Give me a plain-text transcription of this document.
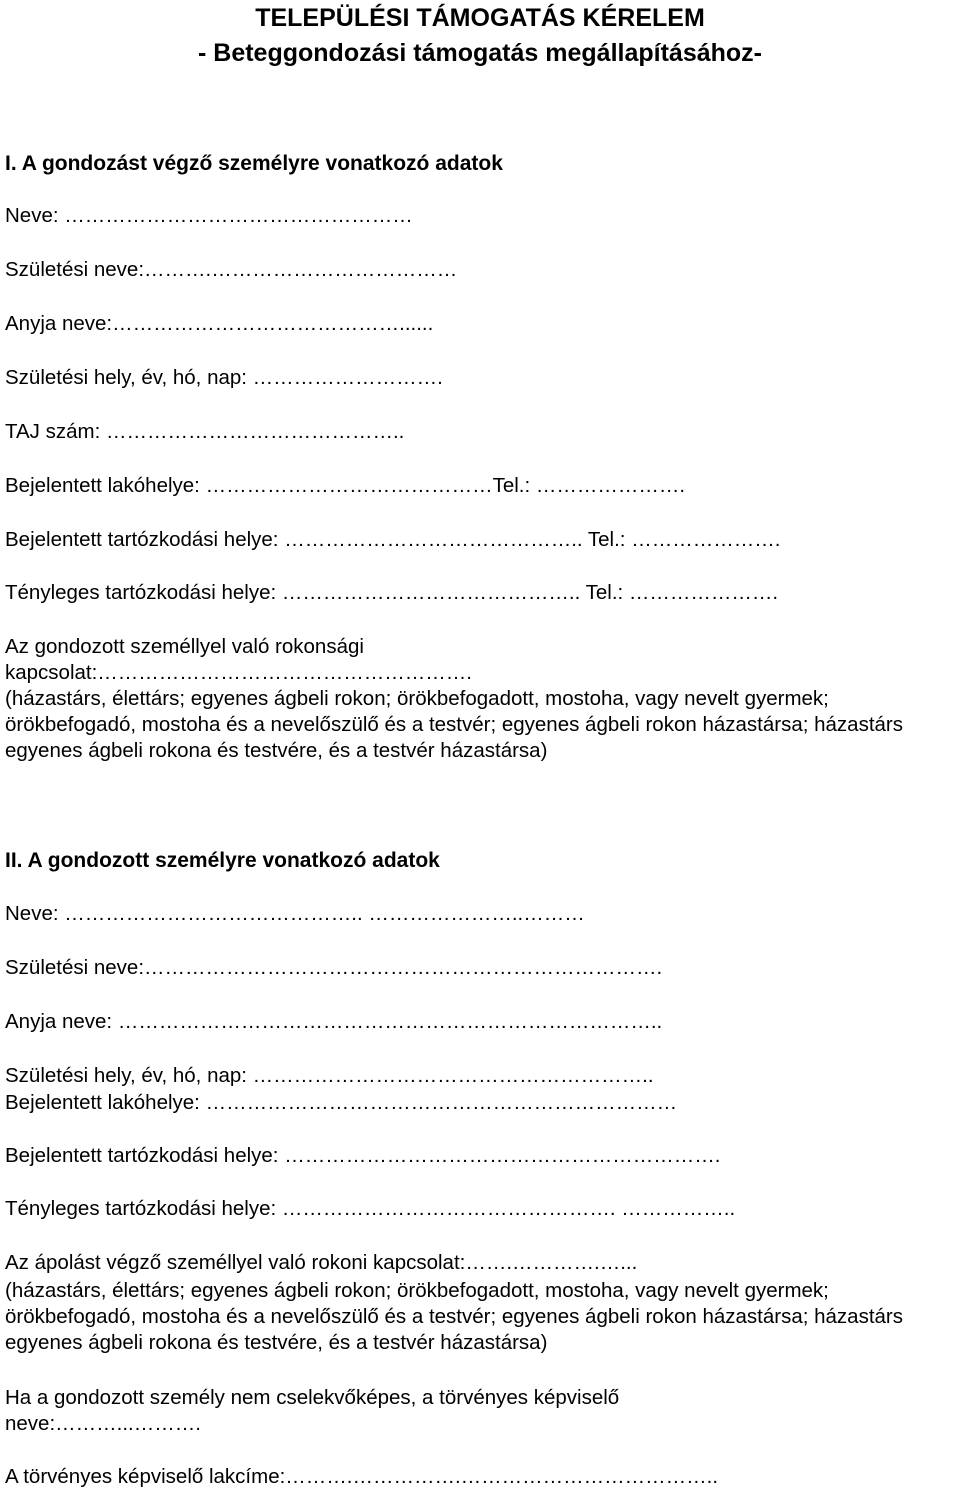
TELEPÜLÉSI TÁMOGATÁS KÉRELEM
- Beteggondozási támogatás megállapításához-
I. A gondozást végző személyre vonatkozó adatok
Neve: ……………………………………………
Születési neve:……….………………………………
Anyja neve:……………………………………......
Születési hely, év, hó, nap: ……………………….
TAJ szám: ……………………………………..
Bejelentett lakóhelye: ……………………………………Tel.: ………………….
Bejelentett tartózkodási helye: …………………………………….. Tel.: ………………….
Tényleges tartózkodási helye: …………………………………….. Tel.: ………………….
Az gondozott személlyel való rokonsági
kapcsolat:……………………………………………….
(házastárs, élettárs; egyenes ágbeli rokon; örökbefogadott, mostoha, vagy nevelt gyermek; örökbefogadó, mostoha és a nevelőszülő és a testvér; egyenes ágbeli rokon házastársa; házastárs egyenes ágbeli rokona és testvére, és a testvér házastársa)
II. A gondozott személyre vonatkozó adatok
Neve: …………………………………….. …………………..………
Születési neve:………………………………………………………………….
Anyja neve: ……………………………………………………………………..
Születési hely, év, hó, nap: …………………………………………………..
Bejelentett lakóhelye: ……………………………………………………………
Bejelentett tartózkodási helye: ……………………………………………………….
Tényleges tartózkodási helye: …………………………………………. ……………..
Az ápolást végző személlyel való rokoni kapcsolat:…….………….…...
(házastárs, élettárs; egyenes ágbeli rokon; örökbefogadott, mostoha, vagy nevelt gyermek; örökbefogadó, mostoha és a nevelőszülő és a testvér; egyenes ágbeli rokon házastársa; házastárs egyenes ágbeli rokona és testvére, és a testvér házastársa)
Ha a gondozott személy nem cselekvőképes, a törvényes képviselő
neve:………...……….
A törvényes képviselő lakcíme:……….…………….………………………………..
